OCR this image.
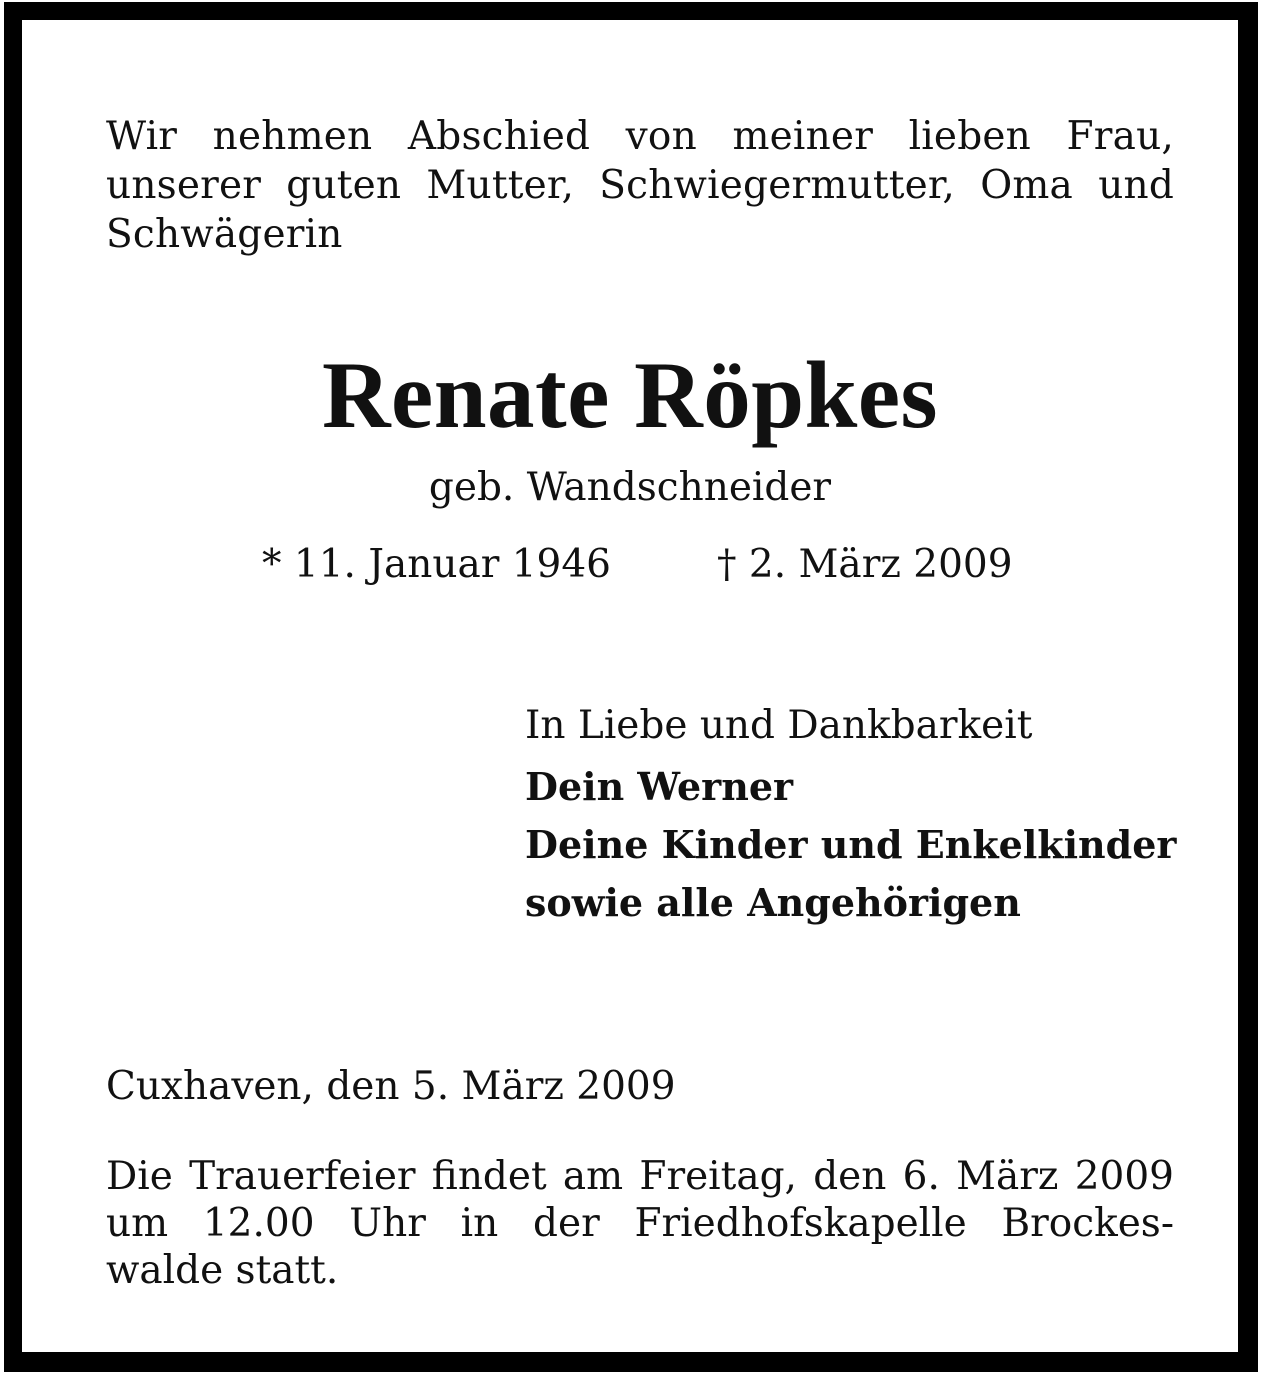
Wir nehmen Abschied von meiner lieben Frau,
unserer guten Mutter, Schwiegermutter, Oma und
Schwägerin
Renate Röpkes
geb. Wandschneider
* 11. Januar 1946	† 2. März 2009
In Liebe und Dankbarkeit
Dein Werner
Deine Kinder und Enkelkinder
sowie alle Angehörigen
Cuxhaven, den 5. März 2009
Die Trauerfeier findet am Freitag, den 6. März 2009
um 12.00 Uhr in der Friedhofskapelle Brockes-
walde statt.
